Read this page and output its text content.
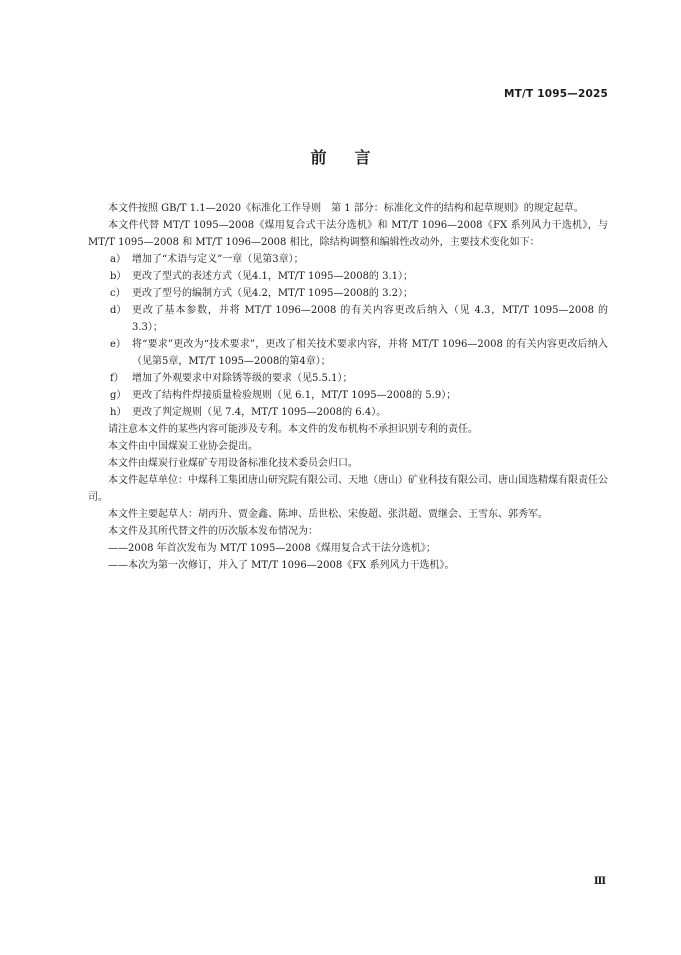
MT/T 1095—2025
前言

本文件按照 GB/T 1.1—2020《标准化工作导则　第 1 部分：标准化文件的结构和起草规则》的规定起草。

本文件代替 MT/T 1095—2008《煤用复合式干法分选机》和 MT/T 1096—2008《FX 系列风力干选机》，与 MT/T 1095—2008 和 MT/T 1096—2008 相比，除结构调整和编辑性改动外，主要技术变化如下：

a） 增加了“术语与定义”一章（见第3章）；
b） 更改了型式的表述方式（见4.1，MT/T 1095—2008的 3.1）；
c） 更改了型号的编制方式（见4.2，MT/T 1095—2008的 3.2）；
d） 更改了基本参数，并将 MT/T 1096—2008 的有关内容更改后纳入（见 4.3，MT/T 1095—2008 的3.3）；
e） 将“要求”更改为“技术要求”，更改了相关技术要求内容，并将 MT/T 1096—2008 的有关内容更改后纳入（见第5章，MT/T 1095—2008的第4章）；
f） 增加了外观要求中对除锈等级的要求（见5.5.1）；
g） 更改了结构件焊接质量检验规则（见 6.1，MT/T 1095—2008的 5.9）；
h） 更改了判定规则（见 7.4，MT/T 1095—2008的 6.4）。

请注意本文件的某些内容可能涉及专利。本文件的发布机构不承担识别专利的责任。

本文件由中国煤炭工业协会提出。

本文件由煤炭行业煤矿专用设备标准化技术委员会归口。

本文件起草单位：中煤科工集团唐山研究院有限公司、天地（唐山）矿业科技有限公司、唐山国选精煤有限责任公司。

本文件主要起草人：胡丙升、贾金鑫、陈坤、岳世松、宋俊超、张洪超、贾继会、王雪东、郭秀军。

本文件及其所代替文件的历次版本发布情况为：

——2008 年首次发布为 MT/T 1095—2008《煤用复合式干法分选机》；

——本次为第一次修订，并入了 MT/T 1096—2008《FX 系列风力干选机》。

Ⅲ
